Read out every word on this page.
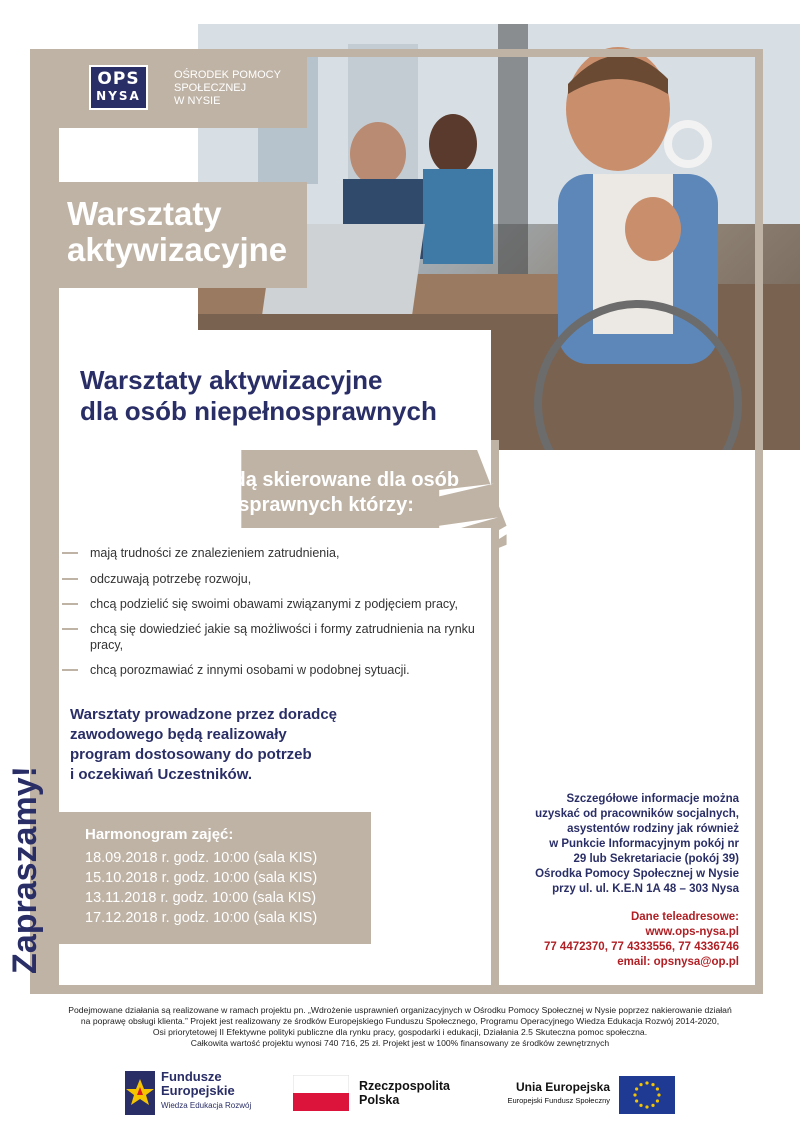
OPS
NYSA
OŚRODEK POMOCY
SPOŁECZNEJ
W NYSIE
Warsztaty
aktywizacyjne
Warsztaty aktywizacyjne
dla osób niepełnosprawnych
Warsztaty będą skierowane dla osób
niepełnosprawnych którzy:
mają trudności ze znalezieniem zatrudnienia,
odczuwają potrzebę rozwoju,
chcą podzielić się swoimi obawami związanymi z podjęciem pracy,
chcą się dowiedzieć jakie są możliwości i formy zatrudnienia na rynku pracy,
chcą porozmawiać z innymi osobami w podobnej sytuacji.
Warsztaty prowadzone przez doradcę
zawodowego będą realizowały
program dostosowany do potrzeb
i oczekiwań Uczestników.
Zapraszamy!	Harmonogram zajęć:
18.09.2018 r. godz. 10:00 (sala KIS)
15.10.2018 r. godz. 10:00 (sala KIS)
13.11.2018 r. godz. 10:00 (sala KIS)
17.12.2018 r. godz. 10:00 (sala KIS)
Szczegółowe informacje można
uzyskać od pracowników socjalnych,
asystentów rodziny jak również
w Punkcie Informacyjnym pokój nr
29 lub Sekretariacie (pokój 39)
Ośrodka Pomocy Społecznej w Nysie
przy ul. ul. K.E.N 1A 48 – 303 Nysa
Dane teleadresowe:
www.ops-nysa.pl
77 4472370, 77 4333556, 77 4336746
email: opsnysa@op.pl
Podejmowane działania są realizowane w ramach projektu pn. „Wdrożenie usprawnień organizacyjnych w Ośrodku Pomocy Społecznej w Nysie poprzez nakierowanie działań
na poprawę obsługi klienta.” Projekt jest realizowany ze środków Europejskiego Funduszu Społecznego, Programu Operacyjnego Wiedza Edukacja Rozwój 2014-2020,
Osi priorytetowej II Efektywne polityki publiczne dla rynku pracy, gospodarki i edukacji, Działania 2.5 Skuteczna pomoc społeczna.
Całkowita wartość projektu wynosi 740 716, 25 zł. Projekt jest w 100% finansowany ze środków zewnętrznych
Fundusze
Europejskie
Wiedza Edukacja Rozwój
Rzeczpospolita
Polska
Unia Europejska
Europejski Fundusz Społeczny
